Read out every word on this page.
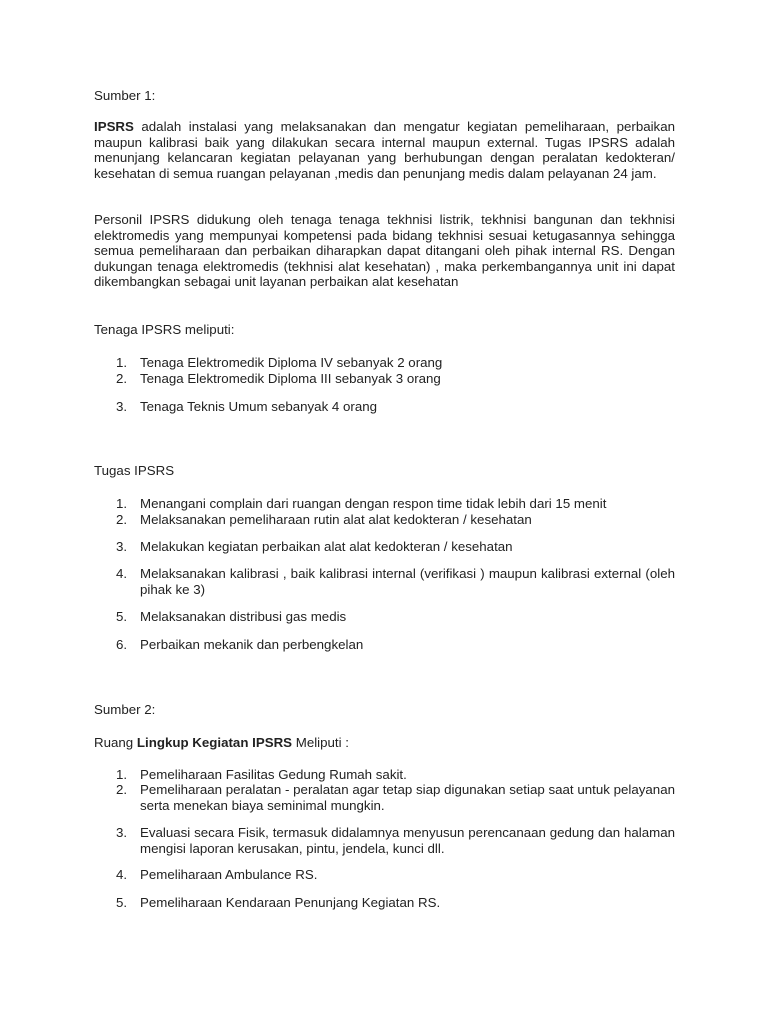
Sumber 1:

IPSRS adalah instalasi yang melaksanakan dan mengatur kegiatan pemeliharaan, perbaikan maupun kalibrasi baik yang dilakukan secara internal maupun external. Tugas IPSRS adalah menunjang kelancaran kegiatan pelayanan yang berhubungan dengan peralatan kedokteran/ kesehatan di semua ruangan pelayanan ,medis dan penunjang medis dalam pelayanan 24 jam.

Personil IPSRS didukung oleh tenaga tenaga tekhnisi listrik, tekhnisi bangunan dan tekhnisi elektromedis yang mempunyai kompetensi pada bidang tekhnisi sesuai ketugasannya sehingga semua pemeliharaan dan perbaikan diharapkan dapat ditangani oleh pihak internal RS. Dengan dukungan tenaga elektromedis (tekhnisi alat kesehatan) , maka perkembangannya unit ini dapat dikembangkan sebagai unit layanan perbaikan alat kesehatan

Tenaga IPSRS meliputi:

1. Tenaga Elektromedik Diploma IV sebanyak 2 orang
2. Tenaga Elektromedik Diploma III sebanyak 3 orang
3. Tenaga Teknis Umum sebanyak 4 orang

Tugas IPSRS

1. Menangani complain dari ruangan dengan respon time tidak lebih dari 15 menit
2. Melaksanakan pemeliharaan rutin alat alat kedokteran / kesehatan
3. Melakukan kegiatan perbaikan alat alat kedokteran / kesehatan
4. Melaksanakan kalibrasi , baik kalibrasi internal (verifikasi ) maupun kalibrasi external (oleh pihak ke 3)
5. Melaksanakan distribusi gas medis
6. Perbaikan mekanik dan perbengkelan

Sumber 2:

Ruang Lingkup Kegiatan IPSRS Meliputi :

1. Pemeliharaan Fasilitas Gedung Rumah sakit.
2. Pemeliharaan peralatan - peralatan agar tetap siap digunakan setiap saat untuk pelayanan serta menekan biaya seminimal mungkin.
3. Evaluasi secara Fisik, termasuk didalamnya menyusun perencanaan gedung dan halaman mengisi laporan kerusakan, pintu, jendela, kunci dll.
4. Pemeliharaan Ambulance RS.
5. Pemeliharaan Kendaraan Penunjang Kegiatan RS.
